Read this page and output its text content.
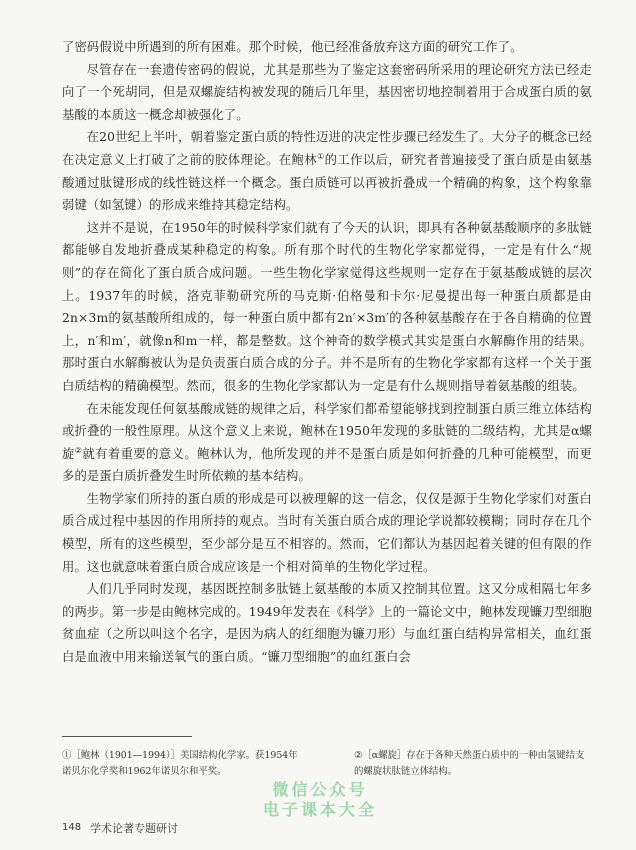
了密码假说中所遇到的所有困难。那个时候，他已经准备放弃这方面的研究工作了。

尽管存在一套遗传密码的假说，尤其是那些为了鉴定这套密码所采用的理论研究方法已经走向了一个死胡同，但是双螺旋结构被发现的随后几年里，基因密切地控制着用于合成蛋白质的氨基酸的本质这一概念却被强化了。

在20世纪上半叶，朝着鉴定蛋白质的特性迈进的决定性步骤已经发生了。大分子的概念已经在决定意义上打破了之前的胶体理论。在鲍林①的工作以后，研究者普遍接受了蛋白质是由氨基酸通过肽键形成的线性链这样一个概念。蛋白质链可以再被折叠成一个精确的构象，这个构象靠弱键（如氢键）的形成来维持其稳定结构。

这并不是说，在1950年的时候科学家们就有了今天的认识，即具有各种氨基酸顺序的多肽链都能够自发地折叠成某种稳定的构象。所有那个时代的生物化学家都觉得，一定是有什么“规则”的存在简化了蛋白质合成问题。一些生物化学家觉得这些规则一定存在于氨基酸成链的层次上。1937年的时候，洛克菲勒研究所的马克斯·伯格曼和卡尔·尼曼提出每一种蛋白质都是由2n×3m的氨基酸所组成的，每一种蛋白质中都有2n′×3m′的各种氨基酸存在于各自精确的位置上，n′和m′，就像n和m一样，都是整数。这个神奇的数学模式其实是蛋白水解酶作用的结果。那时蛋白水解酶被认为是负责蛋白质合成的分子。并不是所有的生物化学家都有这样一个关于蛋白质结构的精确模型。然而，很多的生物化学家都认为一定是有什么规则指导着氨基酸的组装。

在未能发现任何氨基酸成链的规律之后，科学家们都希望能够找到控制蛋白质三维立体结构或折叠的一般性原理。从这个意义上来说，鲍林在1950年发现的多肽链的二级结构，尤其是α螺旋②就有着重要的意义。鲍林认为，他所发现的并不是蛋白质是如何折叠的几种可能模型，而更多的是蛋白质折叠发生时所依赖的基本结构。

生物学家们所持的蛋白质的形成是可以被理解的这一信念，仅仅是源于生物化学家们对蛋白质合成过程中基因的作用所持的观点。当时有关蛋白质合成的理论学说都较模糊；同时存在几个模型，所有的这些模型，至少部分是互不相容的。然而，它们都认为基因起着关键的但有限的作用。这也就意味着蛋白质合成应该是一个相对简单的生物化学过程。

人们几乎同时发现，基因既控制多肽链上氨基酸的本质又控制其位置。这又分成相隔七年多的两步。第一步是由鲍林完成的。1949年发表在《科学》上的一篇论文中，鲍林发现镰刀型细胞贫血症（之所以叫这个名字，是因为病人的红细胞为镰刀形）与血红蛋白结构异常相关，血红蛋白是血液中用来输送氧气的蛋白质。“镰刀型细胞”的血红蛋白会

①［鲍林（1901—1994）］美国结构化学家。获1954年诺贝尔化学奖和1962年诺贝尔和平奖。
②［α螺旋］存在于各种天然蛋白质中的一种由氢键结支的螺旋状肽链立体结构。
微信公众号
电子课本大全
148 学术论著专题研讨
